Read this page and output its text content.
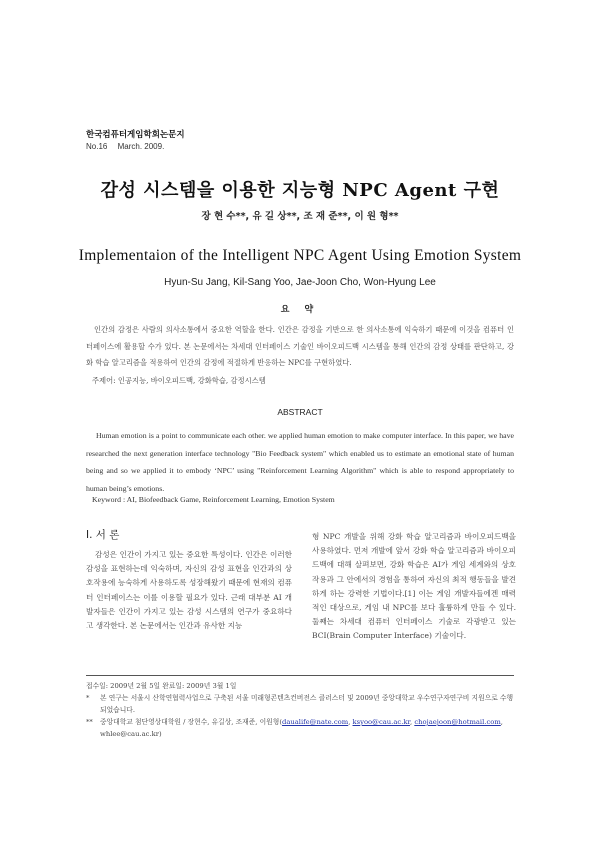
한국컴퓨터게임학회논문지
No.16 March. 2009.
감성 시스템을 이용한 지능형 NPC Agent 구현
장 현 수**, 유 길 상**, 조 재 준**, 이 원 형**
Implementaion of the Intelligent NPC Agent Using Emotion System
Hyun-Su Jang, Kil-Sang Yoo, Jae-Joon Cho, Won-Hyung Lee
요 약

인간의 감정은 사람의 의사소통에서 중요한 역할을 한다. 인간은 감정을 기반으로 한 의사소통에 익숙하기 때문에 이것을 컴퓨터 인터페이스에 활용할 수가 있다. 본 논문에서는 차세대 인터페이스 기술인 바이오피드백 시스템을 통해 인간의 감정 상태를 판단하고, 강화 학습 알고리즘을 적용하여 인간의 감정에 적절하게 반응하는 NPC를 구현하였다.

주제어: 인공지능, 바이오피드백, 강화학습, 감정시스템
ABSTRACT

Human emotion is a point to communicate each other. we applied human emotion to make computer interface. In this paper, we have researched the next generation interface technology "Bio Feedback system" which enabled us to estimate an emotional state of human being and so we applied it to embody ‘NPC’ using "Reinforcement Learning Algorithm" which is able to respond appropriately to human being’s emotions.

Keyword : AI, Biofeedback Game, Reinforcement Learning, Emotion System
Ⅰ. 서 론

감성은 인간이 가지고 있는 중요한 특성이다. 인간은 이러한 감성을 표현하는데 익숙하며, 자신의 감성 표현을 인간과의 상호작용에 능숙하게 사용하도록 성장해왔기 때문에 현재의 컴퓨터 인터페이스는 이를 이용할 필요가 있다. 근래 대부분 AI 개발자들은 인간이 가지고 있는 감성 시스템의 연구가 중요하다고 생각한다. 본 논문에서는 인간과 유사한 지능

형 NPC 개발을 위해 강화 학습 알고리즘과 바이오피드백을 사용하였다. 먼저 개발에 앞서 강화 학습 알고리즘과 바이오피드백에 대해 살펴보면, 강화 학습은 AI가 게임 세계와의 상호작용과 그 안에서의 경험을 통하여 자신의 최적 행동들을 발견하게 하는 강력한 기법이다.[1] 이는 게임 개발자들에겐 매력적인 대상으로, 게임 내 NPC를 보다 훌륭하게 만들 수 있다. 둘째는 차세대 컴퓨터 인터페이스 기술로 각광받고 있는 BCI(Brain Computer Interface) 기술이다.

접수일: 2009년 2월 5일 완료일: 2009년 3월 1일
*	본 연구는 서울시 산학연협력사업으로 구축된 서울 미래형콘텐츠컨버전스 클러스터 및 2009년 중앙대학교 우수연구자연구비 지원으로 수행되었습니다.
**	중앙대학교 첨단영상대학원 / 장현수, 유길상, 조재준, 이원형(daualife@nate.com, ksyoo@cau.ac.kr, chojaejoon@hotmail.com, whlee@cau.ac.kr)
